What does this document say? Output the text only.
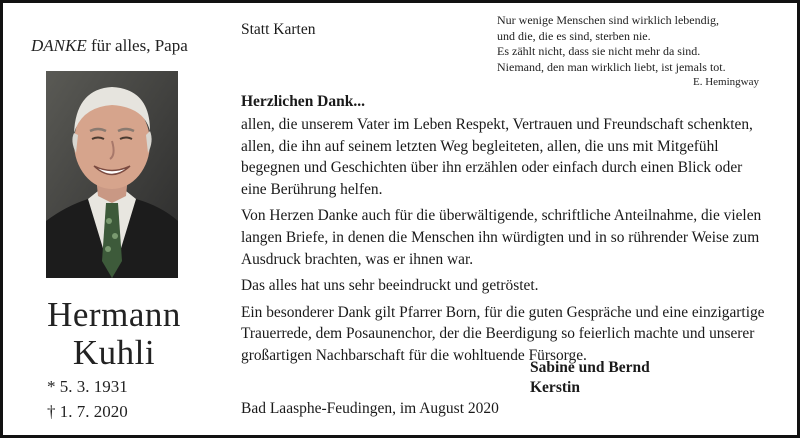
DANKE für alles, Papa
Hermann
Kuhli
* 5. 3. 1931
† 1. 7. 2020
Statt Karten
Nur wenige Menschen sind wirklich lebendig,
und die, die es sind, sterben nie.
Es zählt nicht, dass sie nicht mehr da sind.
Niemand, den man wirklich liebt, ist jemals tot.
E. Hemingway
Herzlichen Dank...

allen, die unserem Vater im Leben Respekt, Vertrauen und Freundschaft schenkten, allen, die ihn auf seinem letzten Weg begleiteten, allen, die uns mit Mitgefühl begegnen und Geschichten über ihn erzählen oder einfach durch einen Blick oder eine Berührung helfen.

Von Herzen Danke auch für die überwältigende, schriftliche Anteilnahme, die vielen langen Briefe, in denen die Menschen ihn würdigten und in so rührender Weise zum Ausdruck brachten, was er ihnen war.

Das alles hat uns sehr beeindruckt und getröstet.

Ein besonderer Dank gilt Pfarrer Born, für die guten Gespräche und eine einzigartige Trauerrede, dem Posaunenchor, der die Beerdigung so feierlich machte und unserer großartigen Nachbarschaft für die wohltuende Fürsorge.

Sabine und Bernd
Kerstin
Bad Laasphe-Feudingen, im August 2020
